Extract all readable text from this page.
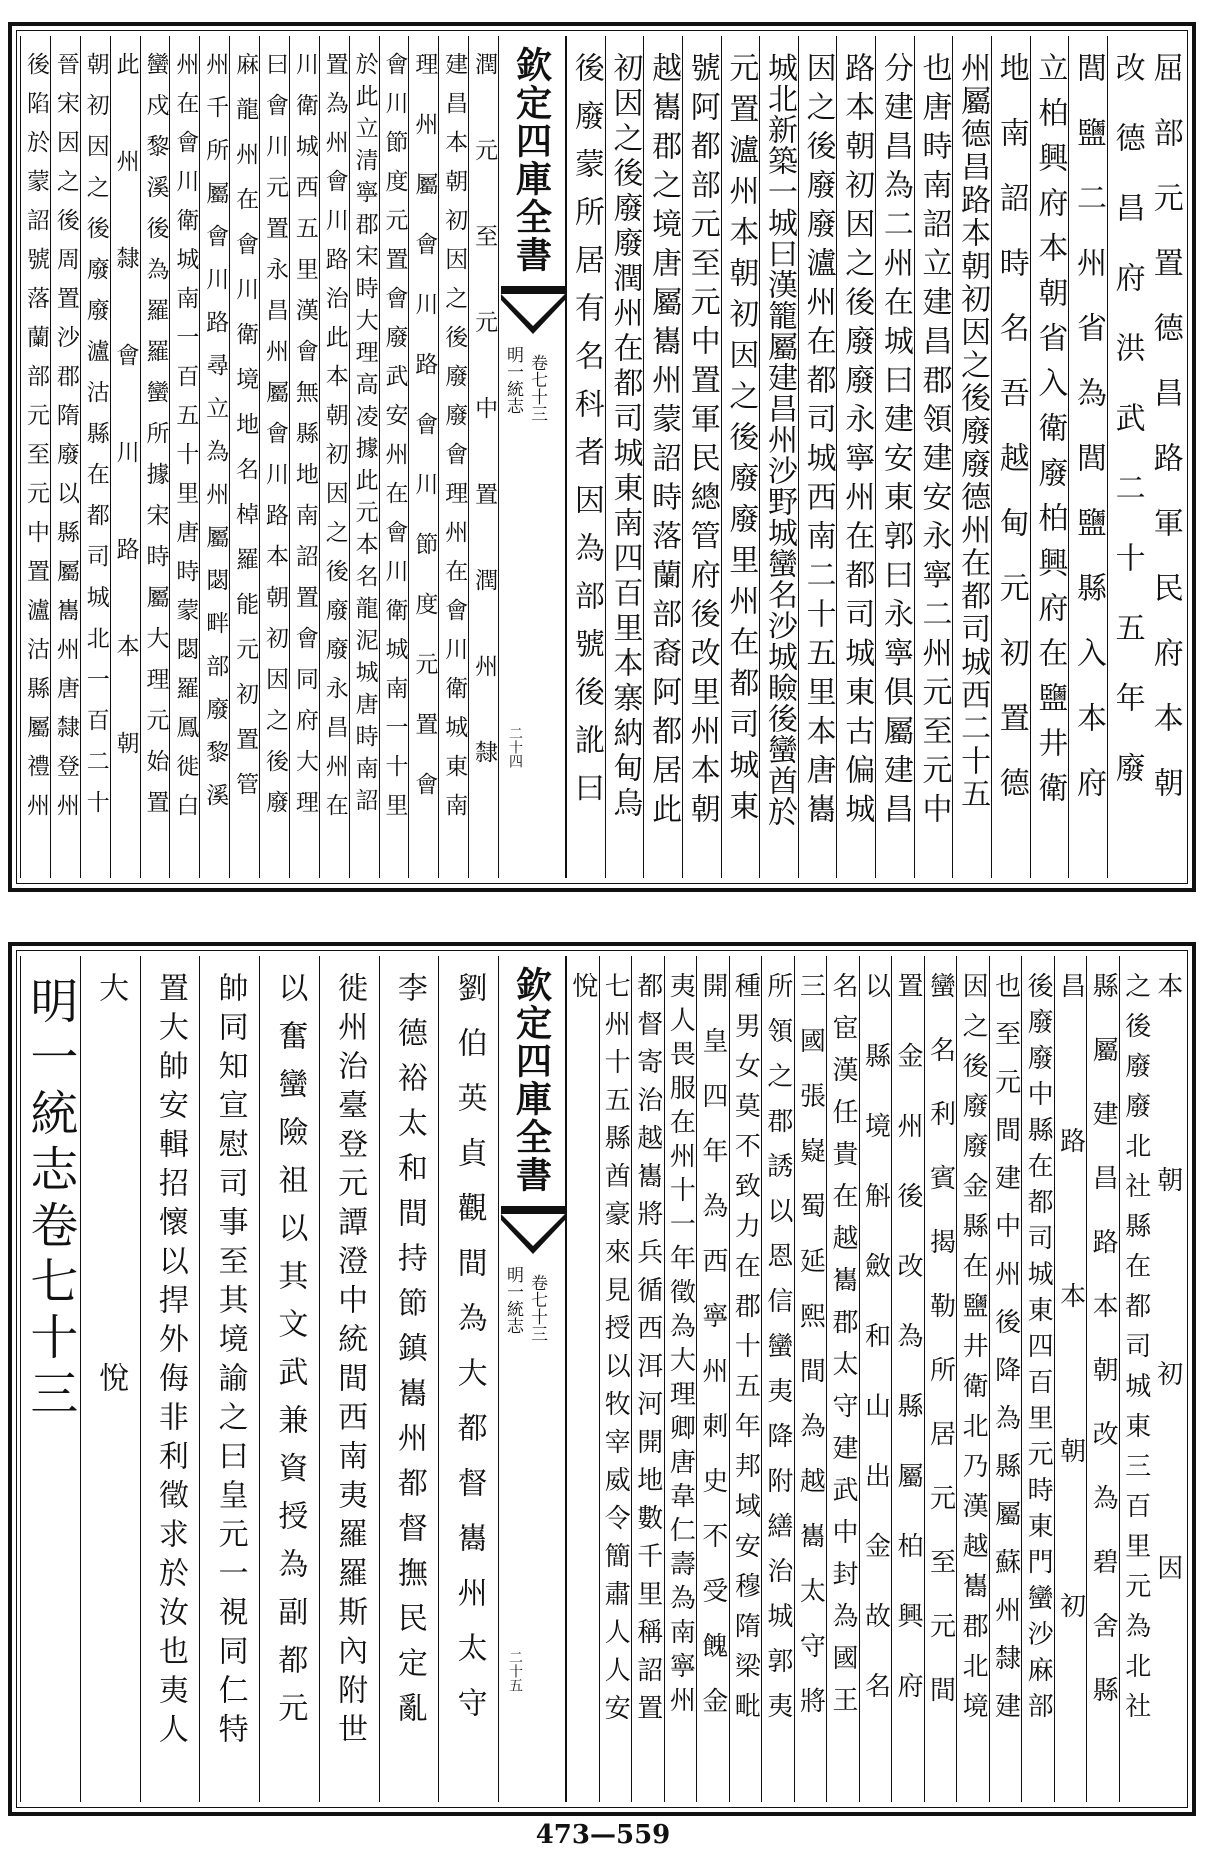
屈部元置德昌路軍民府本朝
改德昌府洪武二十五年廢
閭鹽二州省為閭鹽縣入本府
立柏興府本朝省入衛廢柏興府在鹽井衛
地南詔時名吾越甸元初置德
州屬德昌路本朝初因之後廢廢德州在都司城西二十五
也唐時南詔立建昌郡領建安永寧二州元至元中
分建昌為二州在城曰建安東郭曰永寧俱屬建昌
路本朝初因之後廢廢永寧州在都司城東古偏城
因之後廢廢瀘州在都司城西南二十五里本唐巂
城北新築一城曰漢籠屬建昌州沙野城蠻名沙城瞼後蠻酋於
元置瀘州本朝初因之後廢廢里州在都司城東
號阿都部元至元中置軍民總管府後改里州本朝
越巂郡之境唐屬巂州蒙詔時落蘭部裔阿都居此
初因之後廢廢潤州在都司城東南四百里本寨納甸烏
後廢蒙所居有名科者因為部號後訛曰
潤元至元中置潤州隸
建昌本朝初因之後廢廢會理州在會川衛城東南
理州屬會川路會川節度元置會
會川節度元置會廢武安州在會川衛城南一十里
於此立清寧郡宋時大理高凌據此元本名龍泥城唐時南詔
置為州會川路治此本朝初因之後廢廢永昌州在
川衛城西五里漢會無縣地南詔置會同府大理
曰會川元置永昌州屬會川路本朝初因之後廢
麻龍州在會川衛境地名棹羅能元初置管
州千所屬會川路尋立為州屬閟畔部廢黎溪
州在會川衛城南一百五十里唐時蒙閟羅鳳徙白
蠻戍黎溪後為羅羅蠻所據宋時屬大理元始置
此州隸會川路本朝
朝初因之後廢廢瀘沽縣在都司城北一百二十
晉宋因之後周置沙郡隋廢以縣屬巂州唐隸登州
後陷於蒙詔號落蘭部元至元中置瀘沽縣屬禮州	欽定四庫全書
明一統志 卷七十三
二十四
本朝初因
之後廢廢北社縣在都司城東三百里元為北社
縣屬建昌路本朝改為碧舍縣
昌路本朝初
後廢廢中縣在都司城東四百里元時東門蠻沙麻部
也至元間建中州後降為縣屬蘇州隸建
因之後廢廢金縣在鹽井衛北乃漢越巂郡北境
蠻名利賓揭勒所居元至元間
置金州後改為縣屬柏興府
以縣境斛斂和山出金故名
名宦漢任貴在越巂郡太守建武中封為國王
三國張嶷蜀延熙間為越巂太守將
所領之郡誘以恩信蠻夷降附繕治城郭夷
種男女莫不致力在郡十五年邦域安穆隋梁毗
開皇四年為西寧州刺史不受餽金
夷人畏服在州十一年徵為大理卿唐韋仁壽為南寧州
都督寄治越巂將兵循西洱河開地數千里稱詔置
七州十五縣酋豪來見授以牧宰威令簡肅人人安
悅
劉伯英貞觀間為大都督巂州太守
李德裕太和間持節鎮巂州都督撫民定亂
徙州治臺登元譚澄中統間西南夷羅羅斯內附世
以奮蠻險祖以其文武兼資授為副都元
帥同知宣慰司事至其境諭之曰皇元一視同仁特
置大帥安輯招懷以捍外侮非利徵求於汝也夷人
大悅
明一統志卷七十三	欽定四庫全書
明一統志 卷七十三
二十五
473—559
